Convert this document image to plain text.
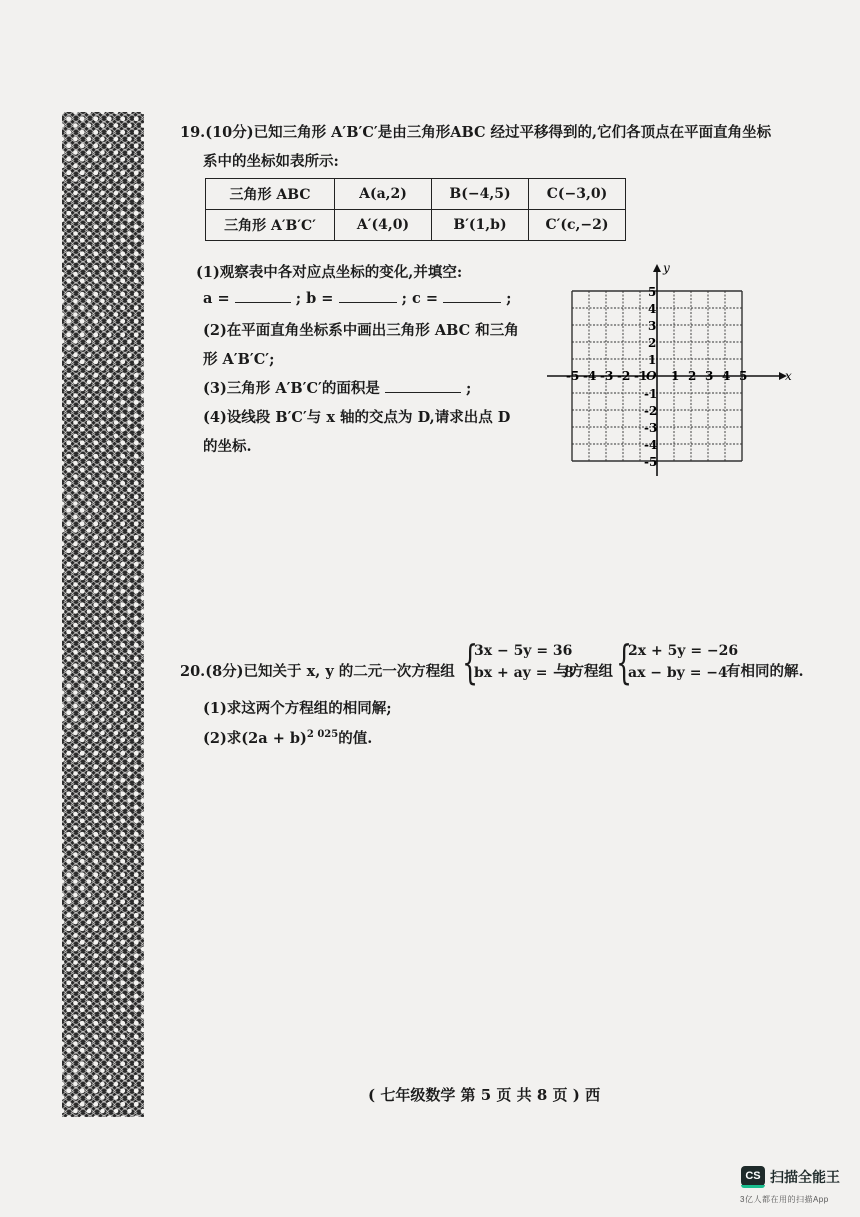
19.(10分)已知三角形 A′B′C′是由三角形ABC 经过平移得到的,它们各顶点在平面直角坐标
系中的坐标如表所示:
三角形 ABC	A(a,2)	B(−4,5)	C(−3,0)
三角形 A′B′C′	A′(4,0)	B′(1,b)	C′(c,−2)
(1)观察表中各对应点坐标的变化,并填空:
a =	; b =	; c =	;
(2)在平面直角坐标系中画出三角形 ABC 和三角
形 A′B′C′;
(3)三角形 A′B′C′的面积是	;
(4)设线段 B′C′与 x 轴的交点为 D,请求出点 D
的坐标.
-5 -4 -3 -2 -1 1 2 3 4 5
5
4
3
2
1
-1
-2
-3
-4
-5
O	x
y
20.(8分)已知关于 x, y 的二元一次方程组 {
3x − 5y = 36
bx + ay = −8
与方程组 {
2x + 5y = −26
ax − by = −4
有相同的解.
(1)求这两个方程组的相同解;
(2)求$(2a + b)^{2 025}$的值.
( 七年级数学 第 5 页 共 8 页 ) 西
CS 扫描全能王
3亿人都在用的扫描App
